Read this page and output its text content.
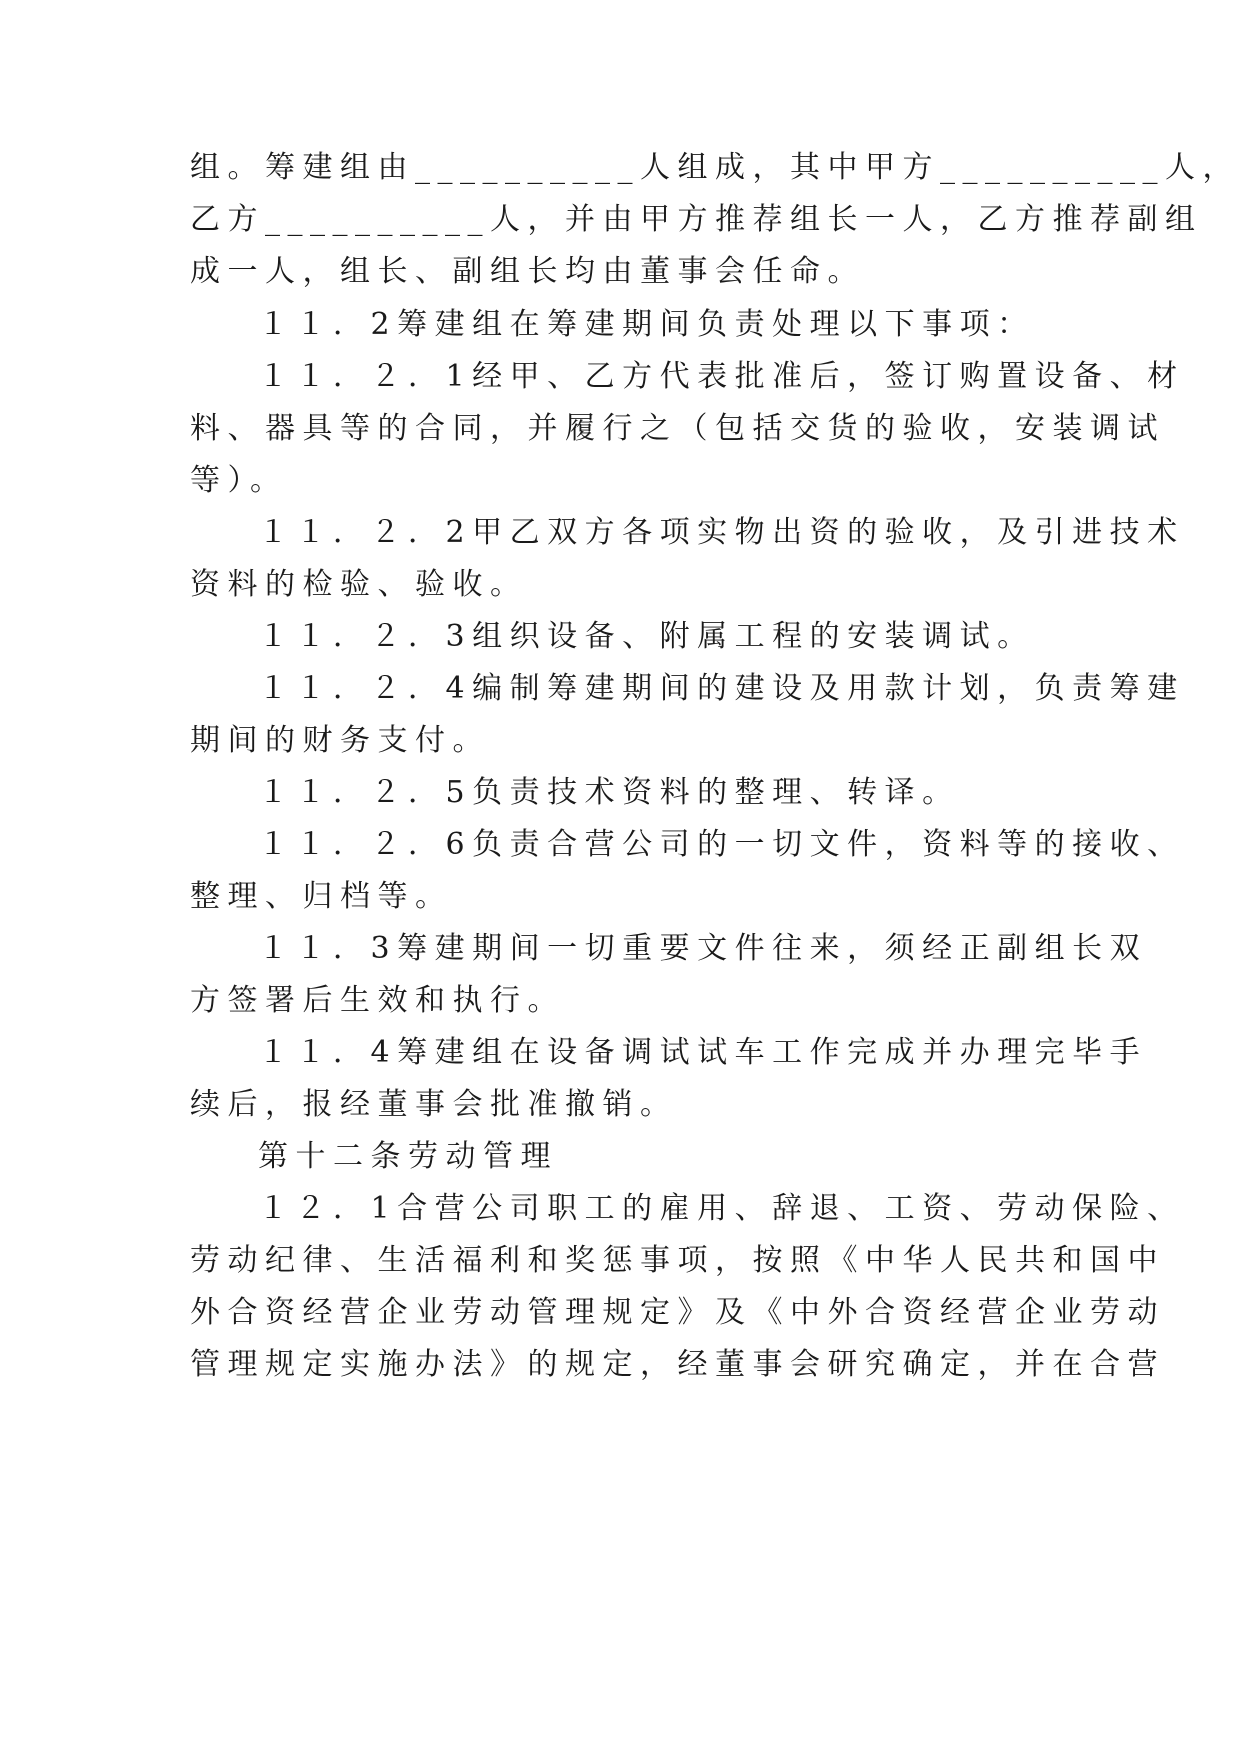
组。筹建组由__________人组成，其中甲方__________人，
乙方__________人，并由甲方推荐组长一人，乙方推荐副组
成一人，组长、副组长均由董事会任命。
１１．2筹建组在筹建期间负责处理以下事项：
１１．２．1经甲、乙方代表批准后，签订购置设备、材
料、器具等的合同，并履行之（包括交货的验收，安装调试
等）。
１１．２．2甲乙双方各项实物出资的验收，及引进技术
资料的检验、验收。
１１．２．3组织设备、附属工程的安装调试。
１１．２．4编制筹建期间的建设及用款计划，负责筹建
期间的财务支付。
１１．２．5负责技术资料的整理、转译。
１１．２．6负责合营公司的一切文件，资料等的接收、
整理、归档等。
１１．3筹建期间一切重要文件往来，须经正副组长双
方签署后生效和执行。
１１．4筹建组在设备调试试车工作完成并办理完毕手
续后，报经董事会批准撤销。
第十二条劳动管理
１２．1合营公司职工的雇用、辞退、工资、劳动保险、
劳动纪律、生活福利和奖惩事项，按照《中华人民共和国中
外合资经营企业劳动管理规定》及《中外合资经营企业劳动
管理规定实施办法》的规定，经董事会研究确定，并在合营
